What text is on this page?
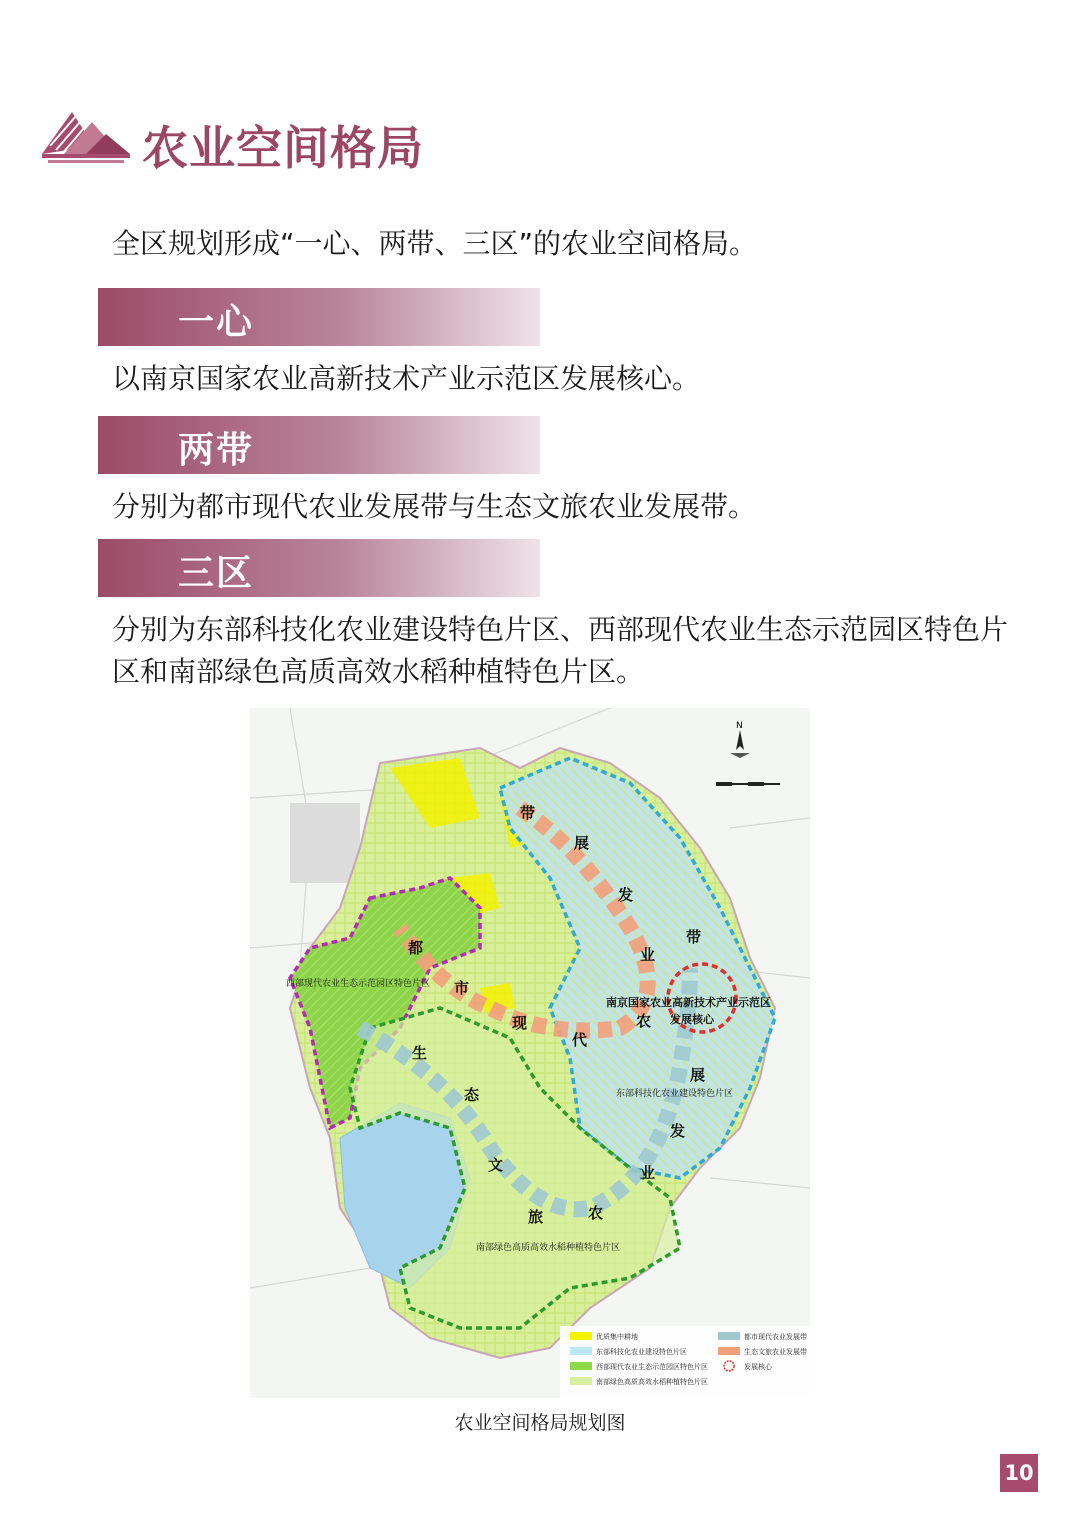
农业空间格局

全区规划形成“一心、两带、三区”的农业空间格局。

一心

以南京国家农业高新技术产业示范区发展核心。

两带

分别为都市现代农业发展带与生态文旅农业发展带。

三区

分别为东部科技化农业建设特色片区、西部现代农业生态示范园区特色片区和南部绿色高质高效水稻种植特色片区。

N
都
市
现
代
农
业
发
展
带
生
态
文
旅	农
业
发
展
带
南京国家农业高新技术产业示范区
发展核心
西部现代农业生态示范园区特色片区
东部科技化农业建设特色片区
南部绿色高质高效水稻种植特色片区
优质集中耕地
东部科技化农业建设特色片区
西部现代农业生态示范园区特色片区
南部绿色高质高效水稻种植特色片区
都市现代农业发展带
生态文旅农业发展带
发展核心
农业空间格局规划图
10
